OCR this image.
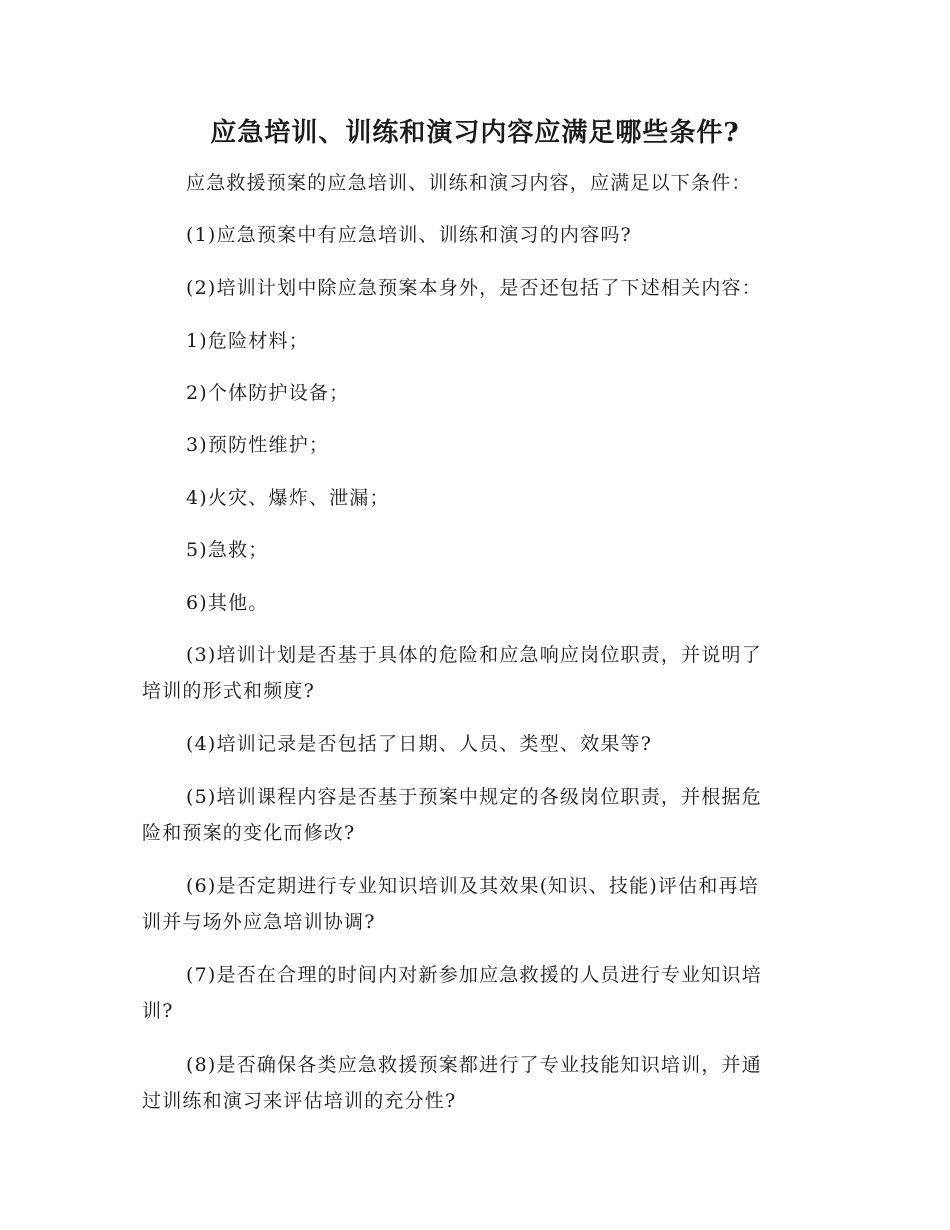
应急培训、训练和演习内容应满足哪些条件?
应急救援预案的应急培训、训练和演习内容，应满足以下条件：
(1)应急预案中有应急培训、训练和演习的内容吗?
(2)培训计划中除应急预案本身外，是否还包括了下述相关内容：
1)危险材料；
2)个体防护设备；
3)预防性维护；
4)火灾、爆炸、泄漏；
5)急救；
6)其他。
(3)培训计划是否基于具体的危险和应急响应岗位职责，并说明了
培训的形式和频度?
(4)培训记录是否包括了日期、人员、类型、效果等?
(5)培训课程内容是否基于预案中规定的各级岗位职责，并根据危
险和预案的变化而修改?
(6)是否定期进行专业知识培训及其效果(知识、技能)评估和再培
训并与场外应急培训协调?
(7)是否在合理的时间内对新参加应急救援的人员进行专业知识培
训?
(8)是否确保各类应急救援预案都进行了专业技能知识培训，并通
过训练和演习来评估培训的充分性?
